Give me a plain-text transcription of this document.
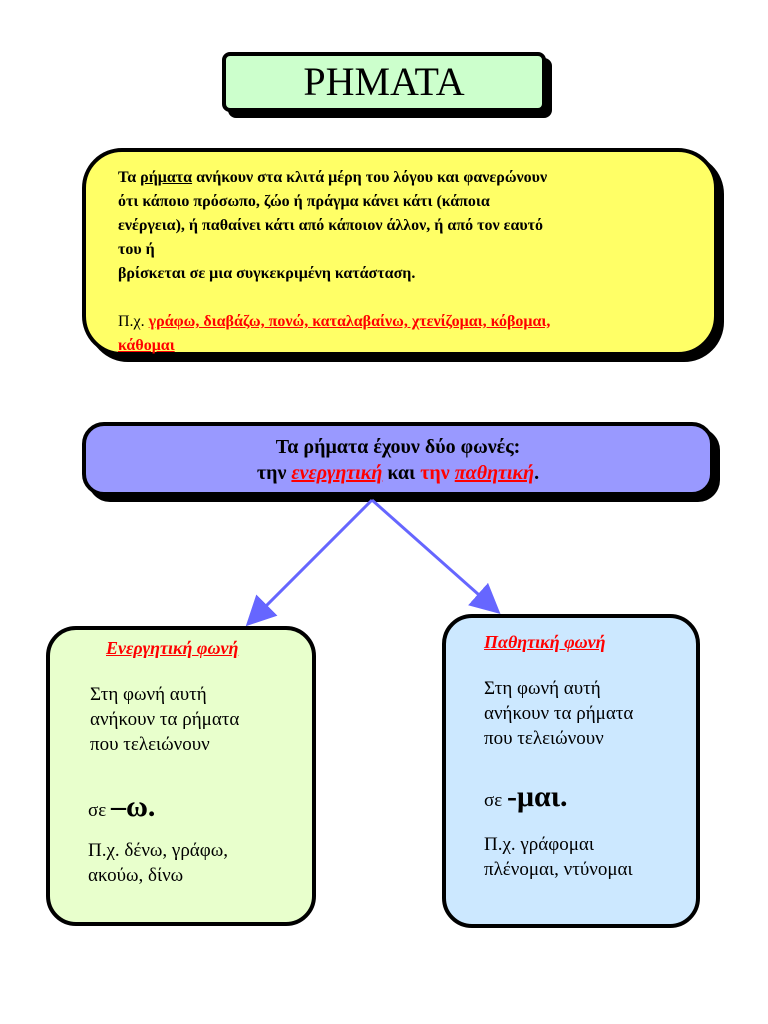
ΡΗΜΑΤΑ

Τα ρήματα ανήκουν στα κλιτά μέρη του λόγου και φανερώνουν

ότι κάποιο πρόσωπο, ζώο ή πράγμα κάνει κάτι (κάποια

ενέργεια), ή παθαίνει κάτι από κάποιον άλλον, ή από τον εαυτό

του ή

βρίσκεται σε μια συγκεκριμένη κατάσταση.

Π.χ. γράφω, διαβάζω, πονώ, καταλαβαίνω, χτενίζομαι, κόβομαι,

κάθομαι

Τα ρήματα έχουν δύο φωνές:
την ενεργητική και την παθητική.
Ενεργητική φωνή
Στη φωνή αυτή
ανήκουν τα ρήματα
που τελειώνουν
σε –ω.
Π.χ. δένω, γράφω,
ακούω, δίνω
Παθητική φωνή
Στη φωνή αυτή
ανήκουν τα ρήματα
που τελειώνουν
σε -μαι.
Π.χ. γράφομαι
πλένομαι, ντύνομαι
